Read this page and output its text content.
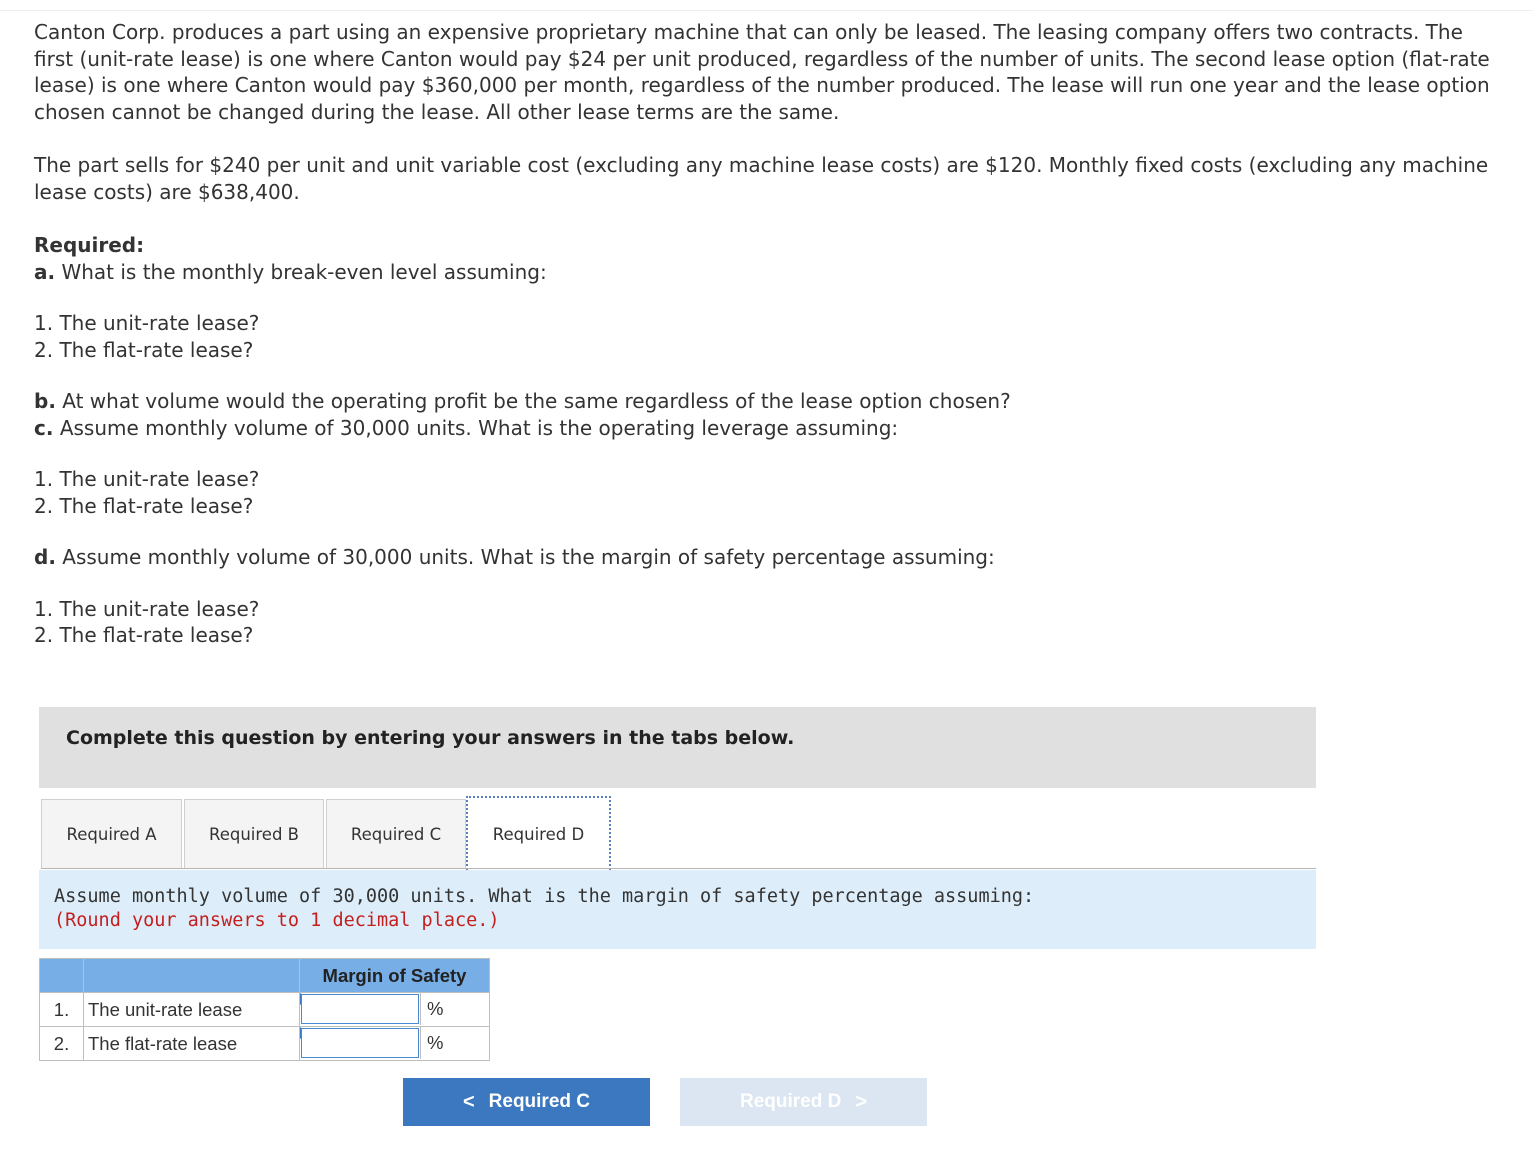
Canton Corp. produces a part using an expensive proprietary machine that can only be leased. The leasing company offers two contracts. The first (unit-rate lease) is one where Canton would pay $24 per unit produced, regardless of the number of units. The second lease option (flat-rate lease) is one where Canton would pay $360,000 per month, regardless of the number produced. The lease will run one year and the lease option chosen cannot be changed during the lease. All other lease terms are the same.

The part sells for $240 per unit and unit variable cost (excluding any machine lease costs) are $120. Monthly fixed costs (excluding any machine lease costs) are $638,400.

Required:

a. What is the monthly break-even level assuming:

1. The unit-rate lease?

2. The flat-rate lease?

b. At what volume would the operating profit be the same regardless of the lease option chosen?

c. Assume monthly volume of 30,000 units. What is the operating leverage assuming:

1. The unit-rate lease?

2. The flat-rate lease?

d. Assume monthly volume of 30,000 units. What is the margin of safety percentage assuming:

1. The unit-rate lease?

2. The flat-rate lease?

Complete this question by entering your answers in the tabs below.
Required A	Required B	Required C	Required D
Assume monthly volume of 30,000 units. What is the margin of safety percentage assuming:
(Round your answers to 1 decimal place.)
		Margin of Safety
1.	The unit-rate lease	%

2.	The flat-rate lease	%
< Required C	Required D >
